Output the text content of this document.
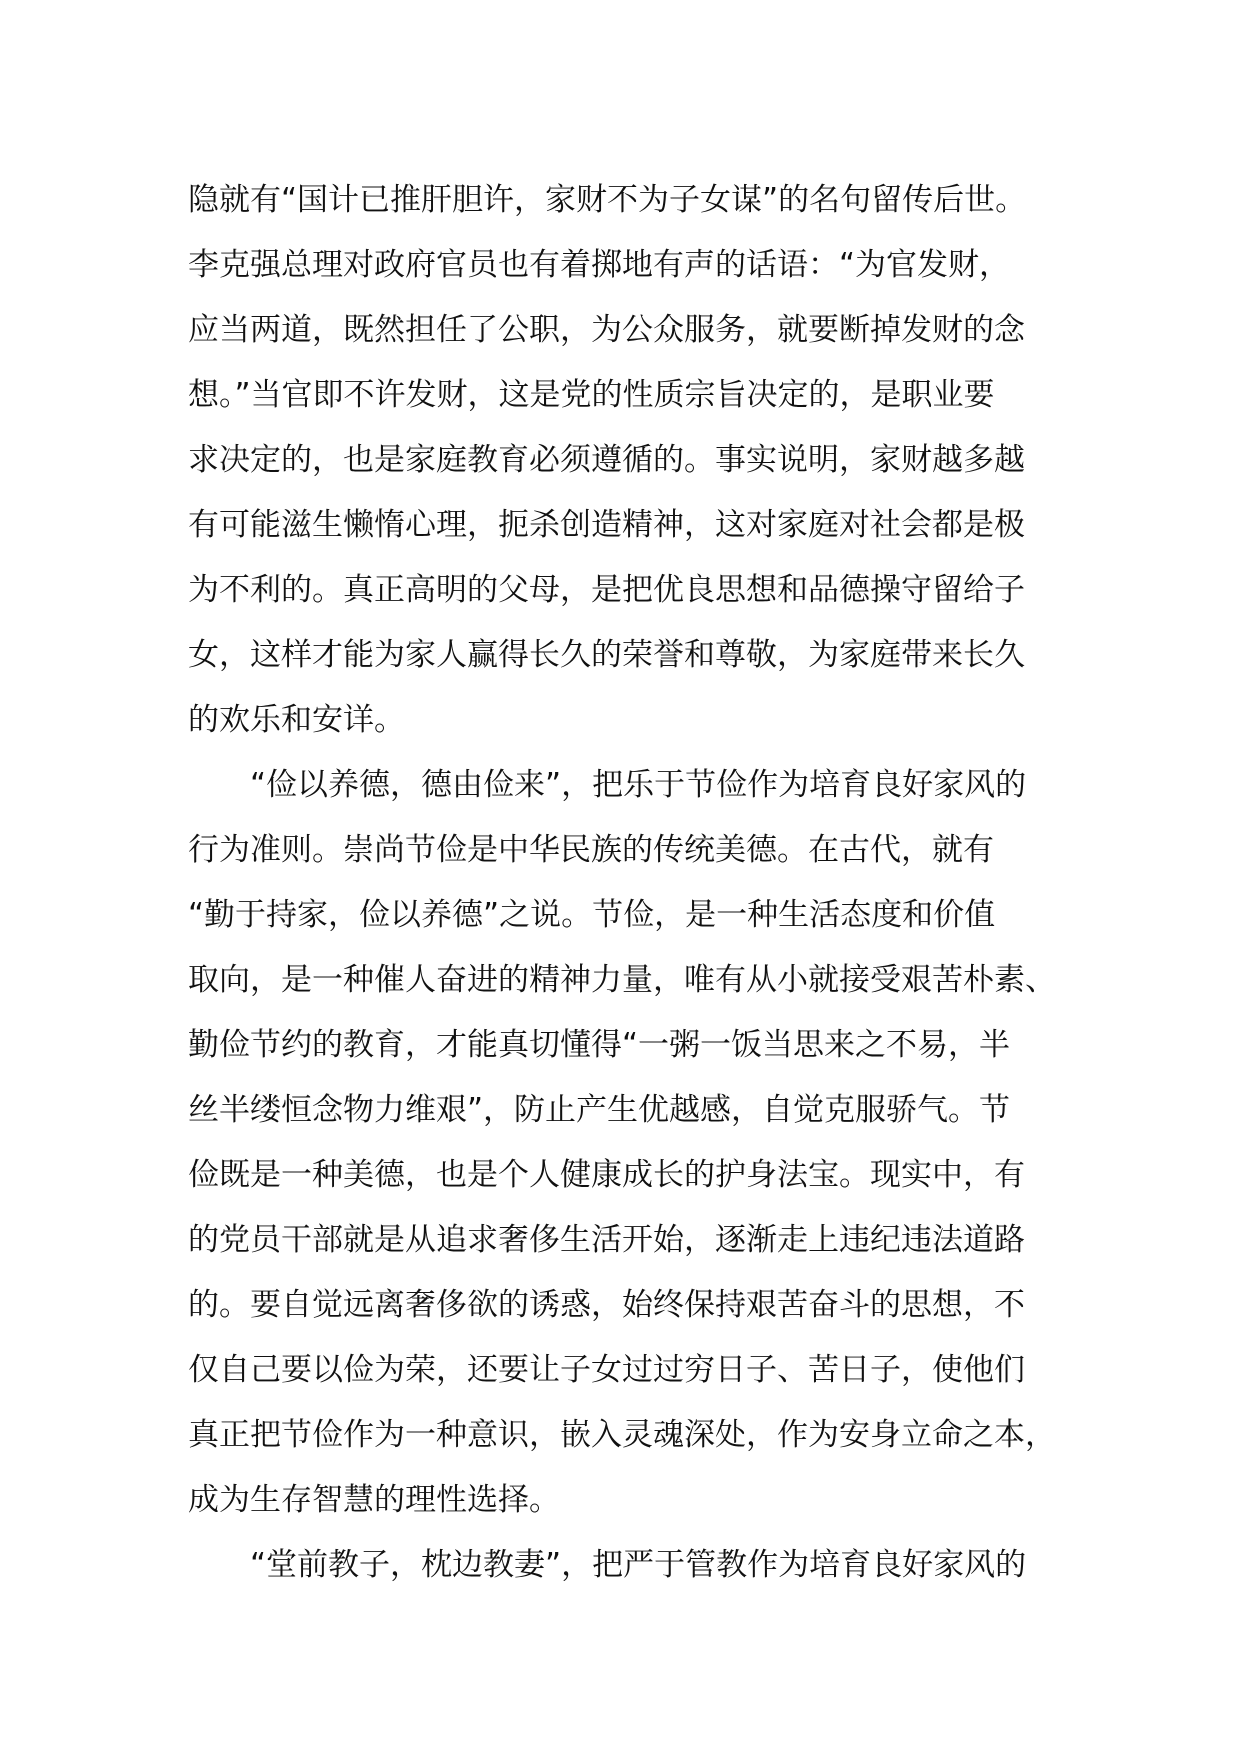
隐就有“国计已推肝胆许，家财不为子女谋”的名句留传后世。
李克强总理对政府官员也有着掷地有声的话语：“为官发财，
应当两道，既然担任了公职，为公众服务，就要断掉发财的念
想。”当官即不许发财，这是党的性质宗旨决定的，是职业要
求决定的，也是家庭教育必须遵循的。事实说明，家财越多越
有可能滋生懒惰心理，扼杀创造精神，这对家庭对社会都是极
为不利的。真正高明的父母，是把优良思想和品德操守留给子
女，这样才能为家人赢得长久的荣誉和尊敬，为家庭带来长久
的欢乐和安详。
“俭以养德，德由俭来”，把乐于节俭作为培育良好家风的
行为准则。崇尚节俭是中华民族的传统美德。在古代，就有
“勤于持家，俭以养德”之说。节俭，是一种生活态度和价值
取向，是一种催人奋进的精神力量，唯有从小就接受艰苦朴素、
勤俭节约的教育，才能真切懂得“一粥一饭当思来之不易，半
丝半缕恒念物力维艰”，防止产生优越感，自觉克服骄气。节
俭既是一种美德，也是个人健康成长的护身法宝。现实中，有
的党员干部就是从追求奢侈生活开始，逐渐走上违纪违法道路
的。要自觉远离奢侈欲的诱惑，始终保持艰苦奋斗的思想，不
仅自己要以俭为荣，还要让子女过过穷日子、苦日子，使他们
真正把节俭作为一种意识，嵌入灵魂深处，作为安身立命之本，
成为生存智慧的理性选择。
“堂前教子，枕边教妻”，把严于管教作为培育良好家风的
